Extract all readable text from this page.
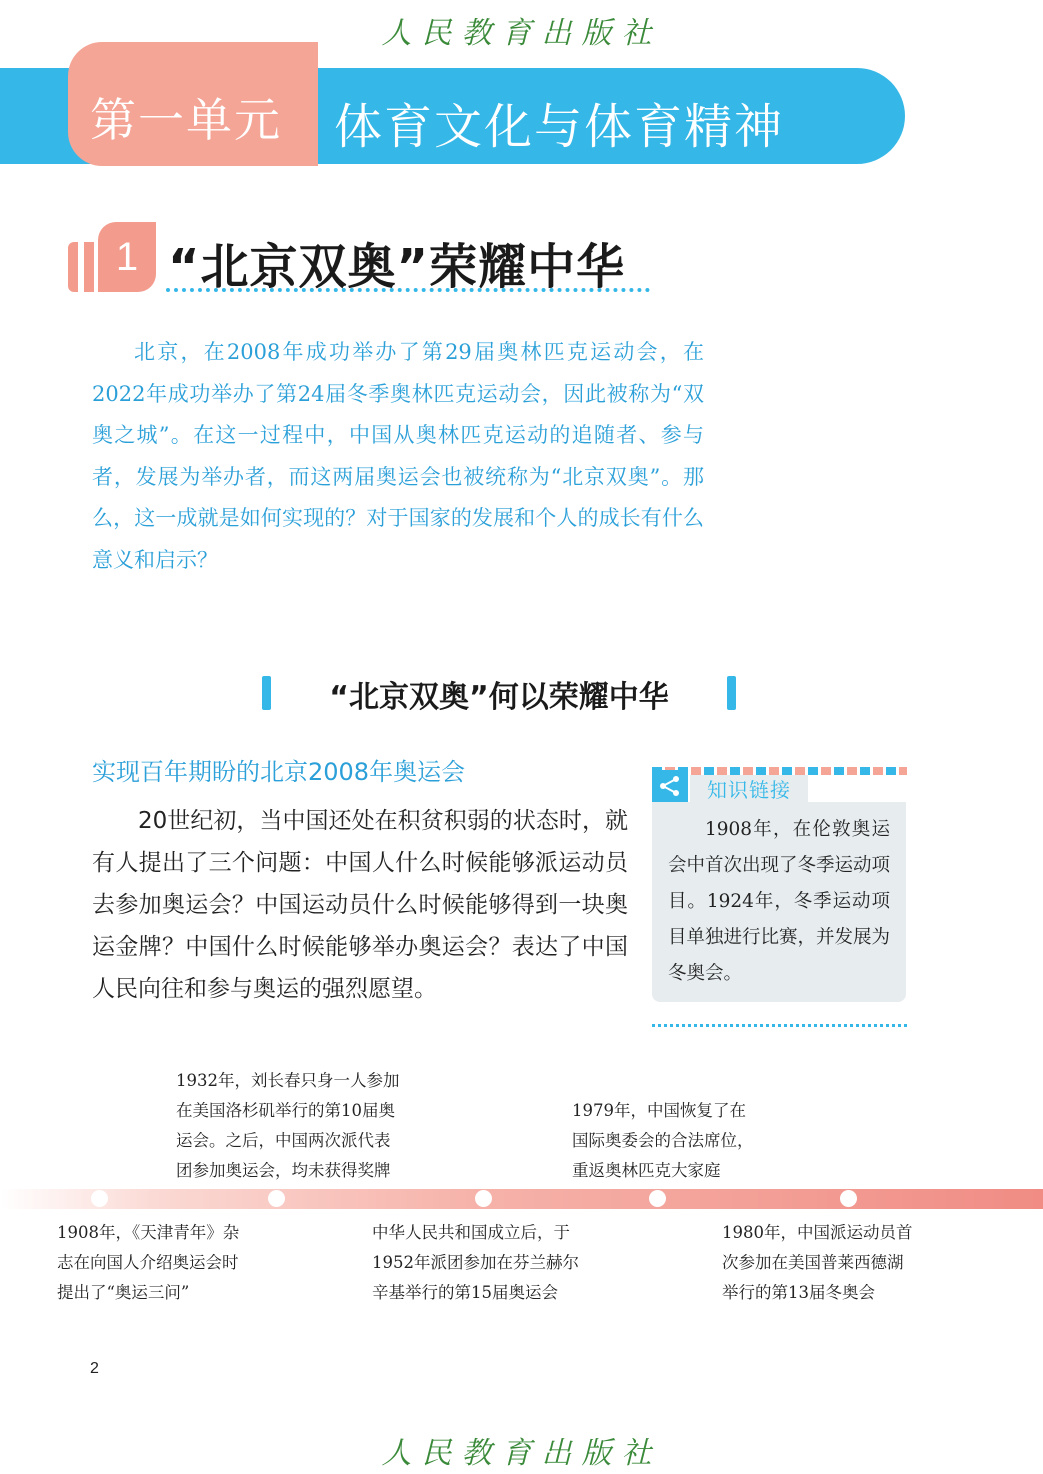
人民教育出版社
第一单元 体育文化与体育精神
1 “北京双奥”荣耀中华

北京，在2008年成功举办了第29届奥林匹克运动会，在2022年成功举办了第24届冬季奥林匹克运动会，因此被称为“双奥之城”。在这一过程中，中国从奥林匹克运动的追随者、参与者，发展为举办者，而这两届奥运会也被统称为“北京双奥”。那么，这一成就是如何实现的？对于国家的发展和个人的成长有什么意义和启示？

“北京双奥”何以荣耀中华
实现百年期盼的北京2008年奥运会

20世纪初，当中国还处在积贫积弱的状态时，就有人提出了三个问题：中国人什么时候能够派运动员去参加奥运会？中国运动员什么时候能够得到一块奥运金牌？中国什么时候能够举办奥运会？表达了中国人民向往和参与奥运的强烈愿望。

知识链接

1908年，在伦敦奥运会中首次出现了冬季运动项目。1924年，冬季运动项目单独进行比赛，并发展为冬奥会。

1932年，刘长春只身一人参加
在美国洛杉矶举行的第10届奥
运会。之后，中国两次派代表
团参加奥运会，均未获得奖牌

1979年，中国恢复了在
国际奥委会的合法席位，
重返奥林匹克大家庭

1908年，《天津青年》杂
志在向国人介绍奥运会时
提出了“奥运三问”

中华人民共和国成立后，于
1952年派团参加在芬兰赫尔
辛基举行的第15届奥运会

1980年，中国派运动员首
次参加在美国普莱西德湖
举行的第13届冬奥会

2
人民教育出版社
